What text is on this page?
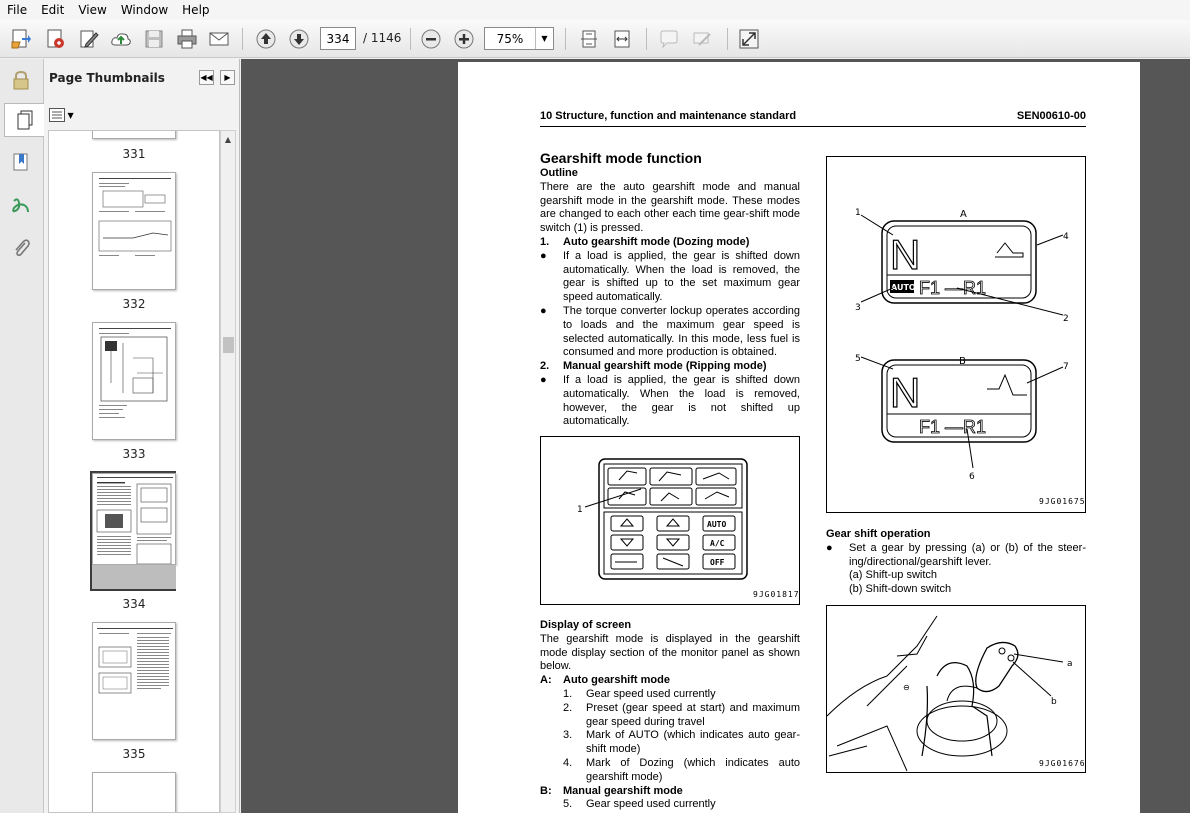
File	Edit	View	Window	Help
334
/ 1146
75%	▼
Page Thumbnails	◀◀ ▶
▼
331
332
333
334
335
▲
10 Structure, function and maintenance standard	SEN00610-00
Gearshift mode function
Outline
There are the auto gearshift mode and manual gearshift mode in the gearshift mode. These modes are changed to each other each time gear-shift mode switch (1) is pressed.
1.	Auto gearshift mode (Dozing mode)
●	If a load is applied, the gear is shifted down automatically. When the load is removed, the gear is shifted up to the set maximum gear speed automatically.
●	The torque converter lockup operates according to loads and the maximum gear speed is selected automatically. In this mode, less fuel is consumed and more production is obtained.
2.	Manual gearshift mode (Ripping mode)
●	If a load is applied, the gear is shifted down automatically. When the load is removed, however, the gear is not shifted up automatically.
1
AUTO
A/C
OFF
9JG01817
Display of screen
The gearshift mode is displayed in the gearshift mode display section of the monitor panel as shown below.
A:	Auto gearshift mode
1.	Gear speed used currently
2.	Preset (gear speed at start) and maximum gear speed during travel
3.	Mark of AUTO (which indicates auto gear-shift mode)
4.	Mark of Dozing (which indicates auto gearshift mode)
B:	Manual gearshift mode
5.	Gear speed used currently
A
N
AUTO F1 —R1
B
N
F1 —R1
1
2
3
4
5
6
7
9JG01675
Gear shift operation
●	Set a gear by pressing (a) or (b) of the steer-ing/directional/gearshift lever.
(a) Shift-up switch
(b) Shift-down switch
a
b
⊖
9JG01676
